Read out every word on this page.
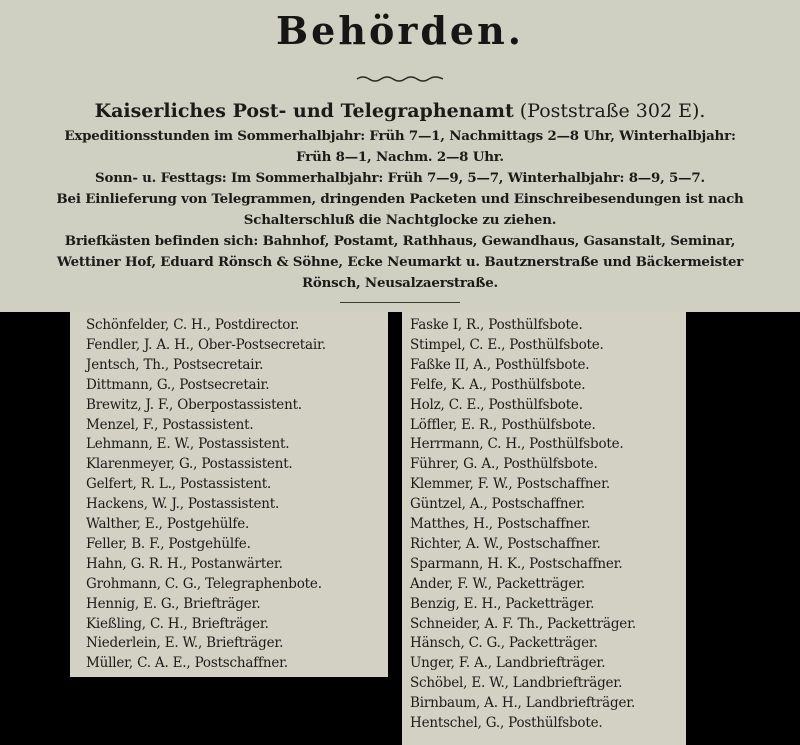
Behörden.
Kaiserliches Post- und Telegraphenamt (Poststraße 302 E).

Expeditionsstunden im Sommerhalbjahr: Früh 7—1, Nachmittags 2—8 Uhr, Winterhalbjahr:

Früh 8—1, Nachm. 2—8 Uhr.

Sonn- u. Festtags: Im Sommerhalbjahr: Früh 7—9, 5—7, Winterhalbjahr: 8—9, 5—7.

Bei Einlieferung von Telegrammen, dringenden Packeten und Einschreibesendungen ist nach

Schalterschluß die Nachtglocke zu ziehen.

Briefkästen befinden sich: Bahnhof, Postamt, Rathhaus, Gewandhaus, Gasanstalt, Seminar,

Wettiner Hof, Eduard Rönsch & Söhne, Ecke Neumarkt u. Bautznerstraße und Bäckermeister

Rönsch, Neusalzaerstraße.

Schönfelder, C. H., Postdirector.
Fendler, J. A. H., Ober-Postsecretair.
Jentsch, Th., Postsecretair.
Dittmann, G., Postsecretair.
Brewitz, J. F., Oberpostassistent.
Menzel, F., Postassistent.
Lehmann, E. W., Postassistent.
Klarenmeyer, G., Postassistent.
Gelfert, R. L., Postassistent.
Hackens, W. J., Postassistent.
Walther, E., Postgehülfe.
Feller, B. F., Postgehülfe.
Hahn, G. R. H., Postanwärter.
Grohmann, C. G., Telegraphenbote.
Hennig, E. G., Briefträger.
Kießling, C. H., Briefträger.
Niederlein, E. W., Briefträger.
Müller, C. A. E., Postschaffner.
Faske I, R., Posthülfsbote.
Stimpel, C. E., Posthülfsbote.
Faßke II, A., Posthülfsbote.
Felfe, K. A., Posthülfsbote.
Holz, C. E., Posthülfsbote.
Löffler, E. R., Posthülfsbote.
Herrmann, C. H., Posthülfsbote.
Führer, G. A., Posthülfsbote.
Klemmer, F. W., Postschaffner.
Güntzel, A., Postschaffner.
Matthes, H., Postschaffner.
Richter, A. W., Postschaffner.
Sparmann, H. K., Postschaffner.
Ander, F. W., Packetträger.
Benzig, E. H., Packetträger.
Schneider, A. F. Th., Packetträger.
Hänsch, C. G., Packetträger.
Unger, F. A., Landbriefträger.
Schöbel, E. W., Landbriefträger.
Birnbaum, A. H., Landbriefträger.
Hentschel, G., Posthülfsbote.
